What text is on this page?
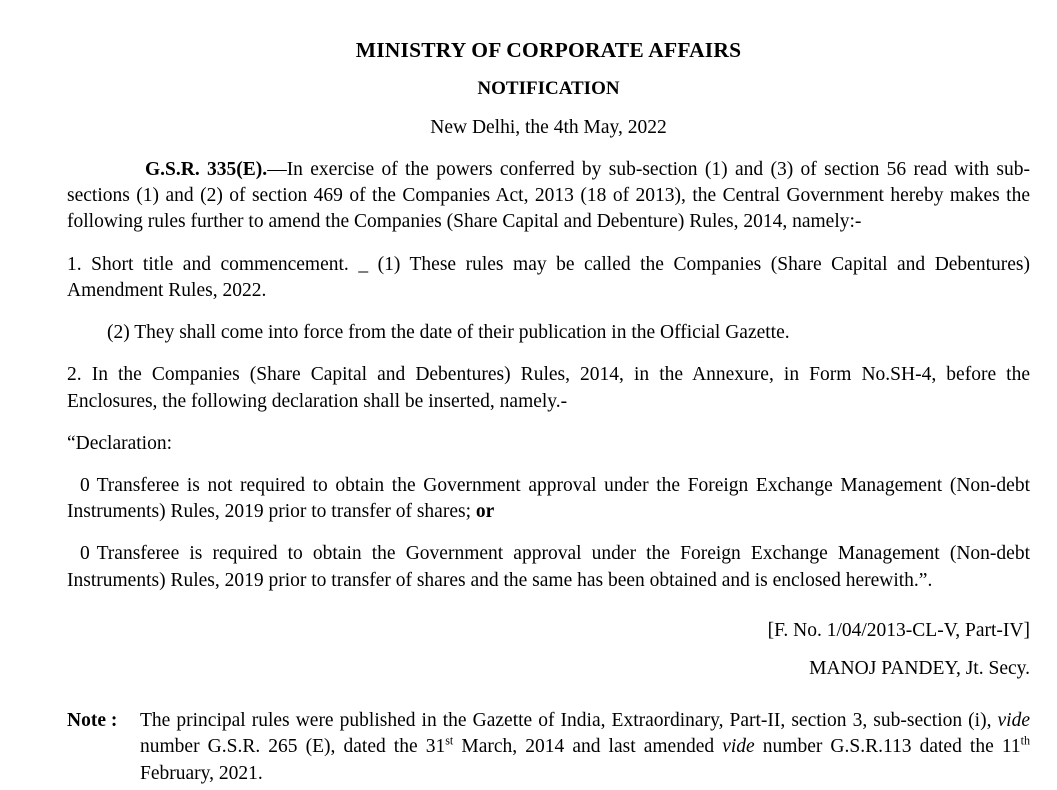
MINISTRY OF CORPORATE AFFAIRS
NOTIFICATION

New Delhi, the 4th May, 2022

G.S.R. 335(E).—In exercise of the powers conferred by sub-section (1) and (3) of section 56 read with sub-sections (1) and (2) of section 469 of the Companies Act, 2013 (18 of 2013), the Central Government hereby makes the following rules further to amend the Companies (Share Capital and Debenture) Rules, 2014, namely:-

1. Short title and commencement. _ (1) These rules may be called the Companies (Share Capital and Debentures) Amendment Rules, 2022.

(2) They shall come into force from the date of their publication in the Official Gazette.

2. In the Companies (Share Capital and Debentures) Rules, 2014, in the Annexure, in Form No.SH-4, before the Enclosures, the following declaration shall be inserted, namely.-

“Declaration:

0Transferee is not required to obtain the Government approval under the Foreign Exchange Management (Non-debt Instruments) Rules, 2019 prior to transfer of shares; or

0Transferee is required to obtain the Government approval under the Foreign Exchange Management (Non-debt Instruments) Rules, 2019 prior to transfer of shares and the same has been obtained and is enclosed herewith.”.

[F. No. 1/04/2013-CL-V, Part-IV]

MANOJ PANDEY, Jt. Secy.

Note :	The principal rules were published in the Gazette of India, Extraordinary, Part-II, section 3, sub-section (i), vide number G.S.R. 265 (E), dated the 31st March, 2014 and last amended vide number G.S.R.113 dated the 11th February, 2021.
